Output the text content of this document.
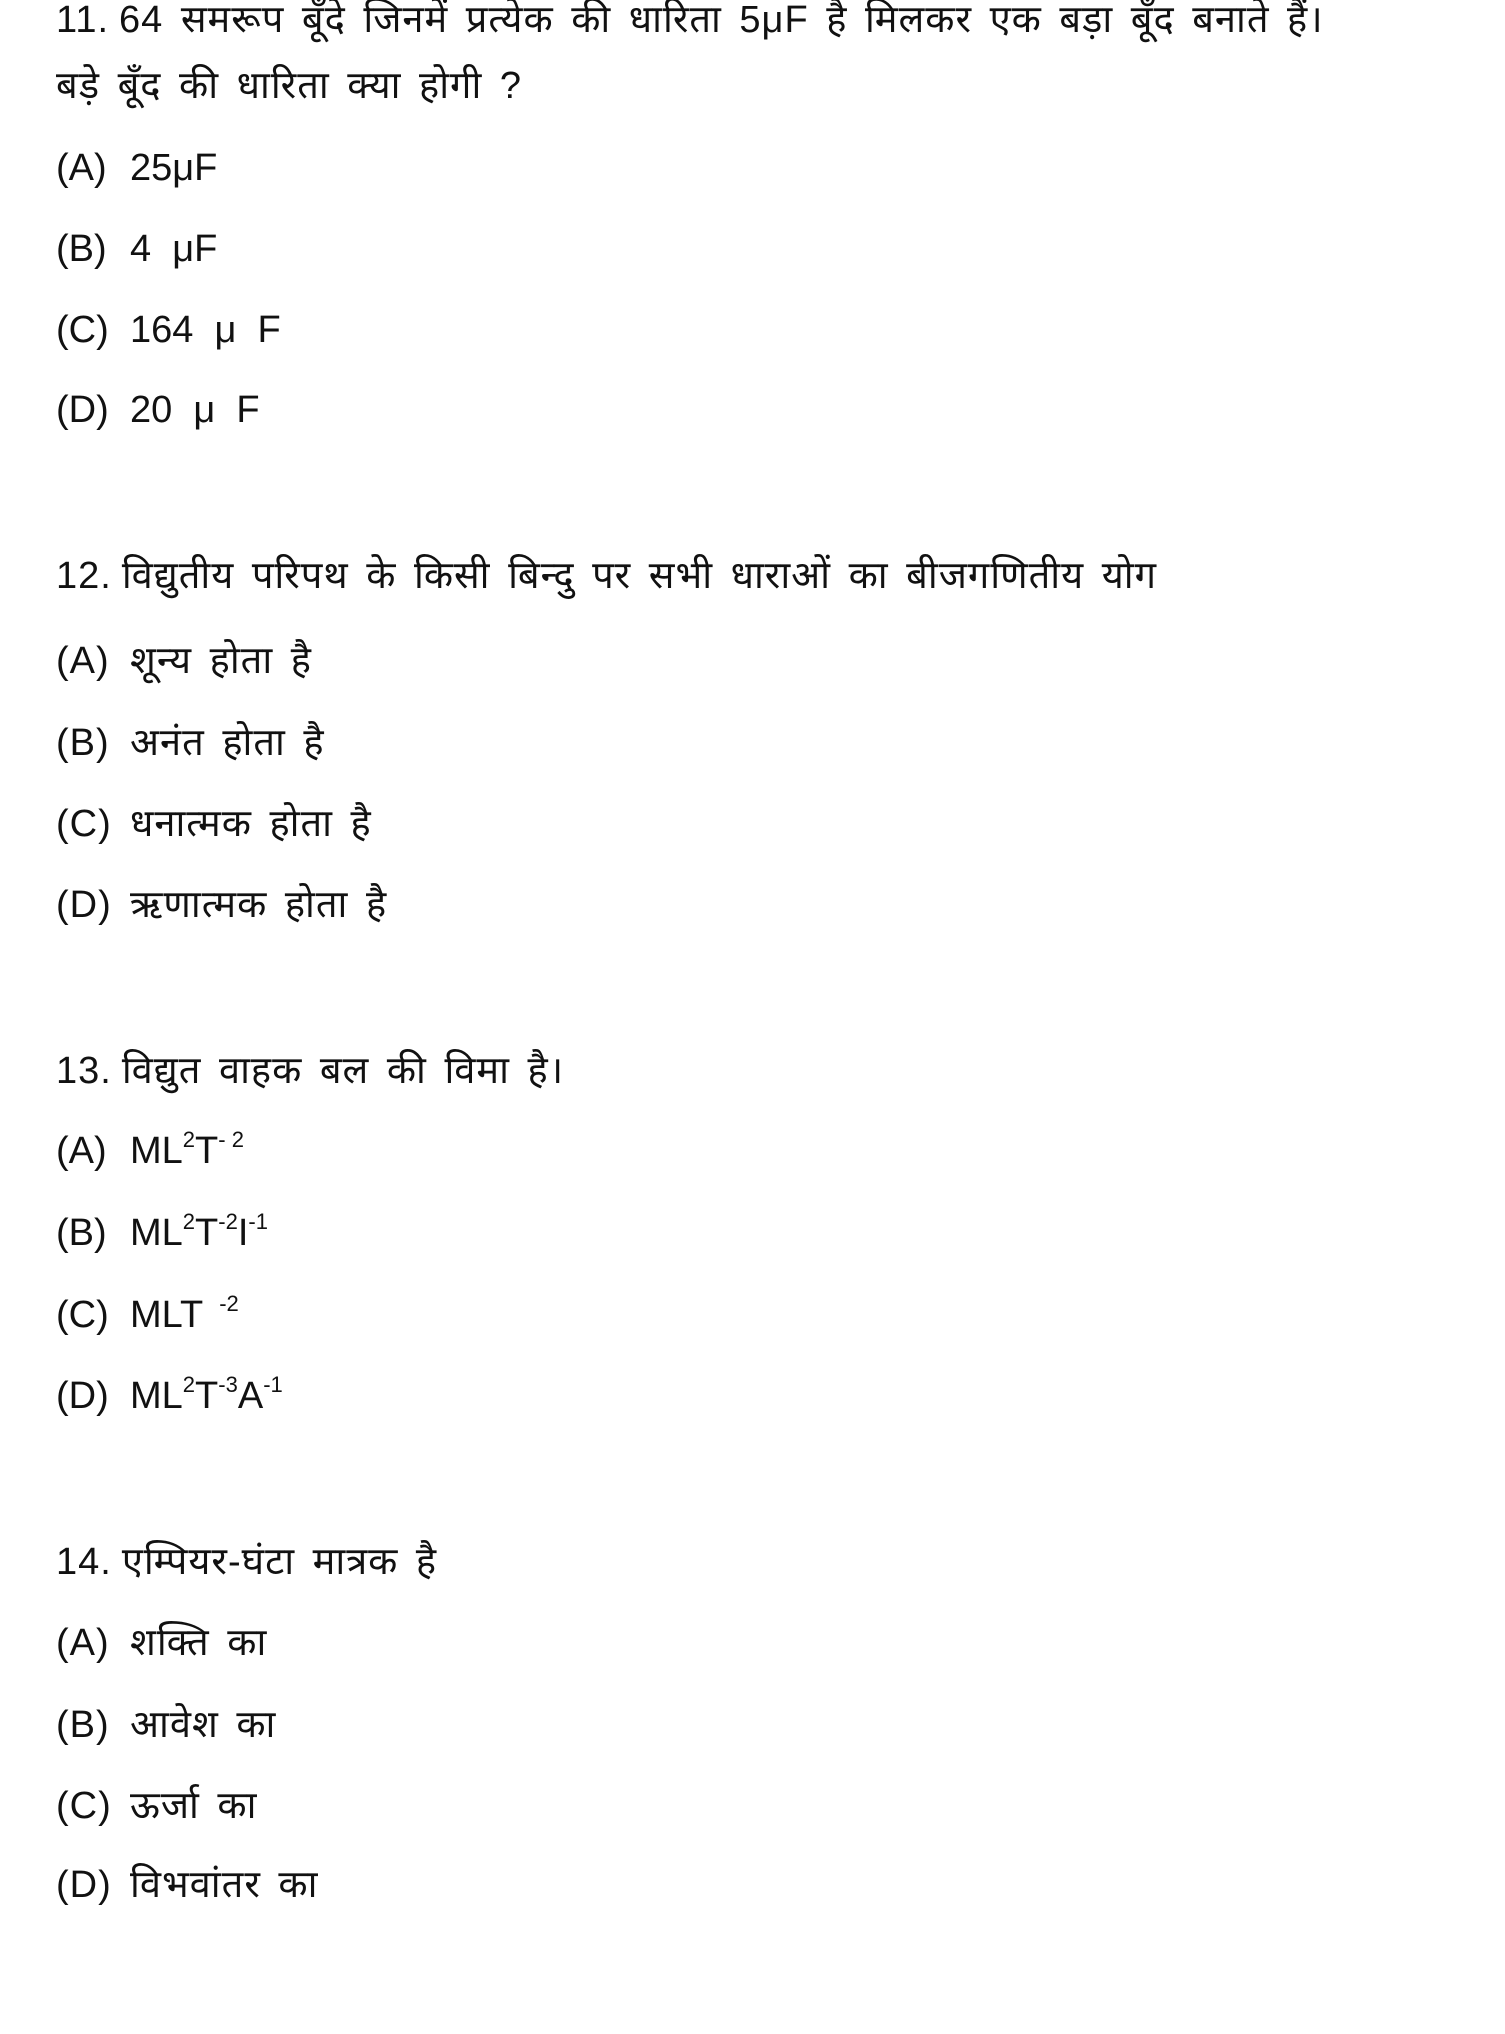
11. 64 समरूप बूँदे जिनमें प्रत्येक की धारिता 5μF है मिलकर एक बड़ा बूँद बनाते हैं।
बड़े बूँद की धारिता क्या होगी ?
(A) 25μF
(B) 4  μF
(C) 164  μ  F
(D) 20  μ  F
12. विद्युतीय परिपथ के किसी बिन्दु पर सभी धाराओं का बीजगणितीय योग
(A) शून्य होता है
(B) अनंत होता है
(C) धनात्मक होता है
(D) ऋणात्मक होता है
13. विद्युत वाहक बल की विमा है।
(A) $ML^2T^{- 2}$
(B) $ML^2T^{-2}I^{-1}$
(C) MLT $^{-2}$
(D) $ML^2T^{-3}A^{-1}$
14. एम्पियर-घंटा मात्रक है
(A) शक्ति का
(B) आवेश का
(C) ऊर्जा का
(D) विभवांतर का
